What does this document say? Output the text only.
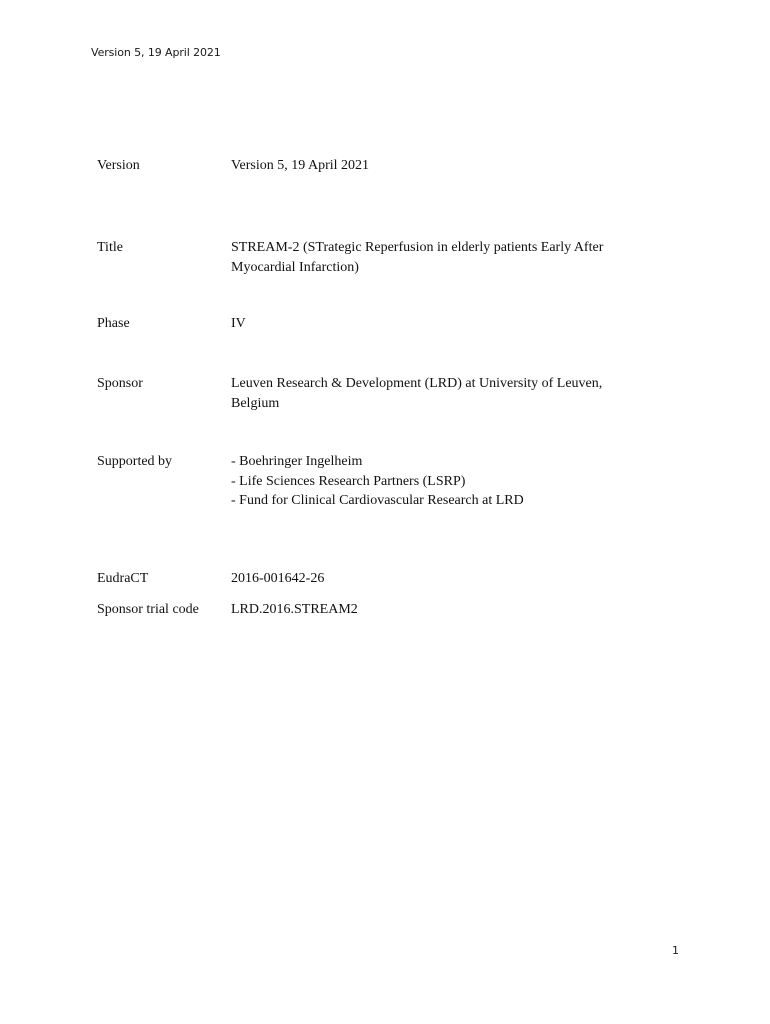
Version 5, 19 April 2021
Version	Version 5, 19 April 2021
Title	STREAM-2 (STrategic Reperfusion in elderly patients Early After
Myocardial Infarction)
Phase	IV
Sponsor	Leuven Research & Development (LRD) at University of Leuven,
Belgium
Supported by	- Boehringer Ingelheim
- Life Sciences Research Partners (LSRP)
- Fund for Clinical Cardiovascular Research at LRD
EudraCT	2016-001642-26
Sponsor trial code	LRD.2016.STREAM2
1
